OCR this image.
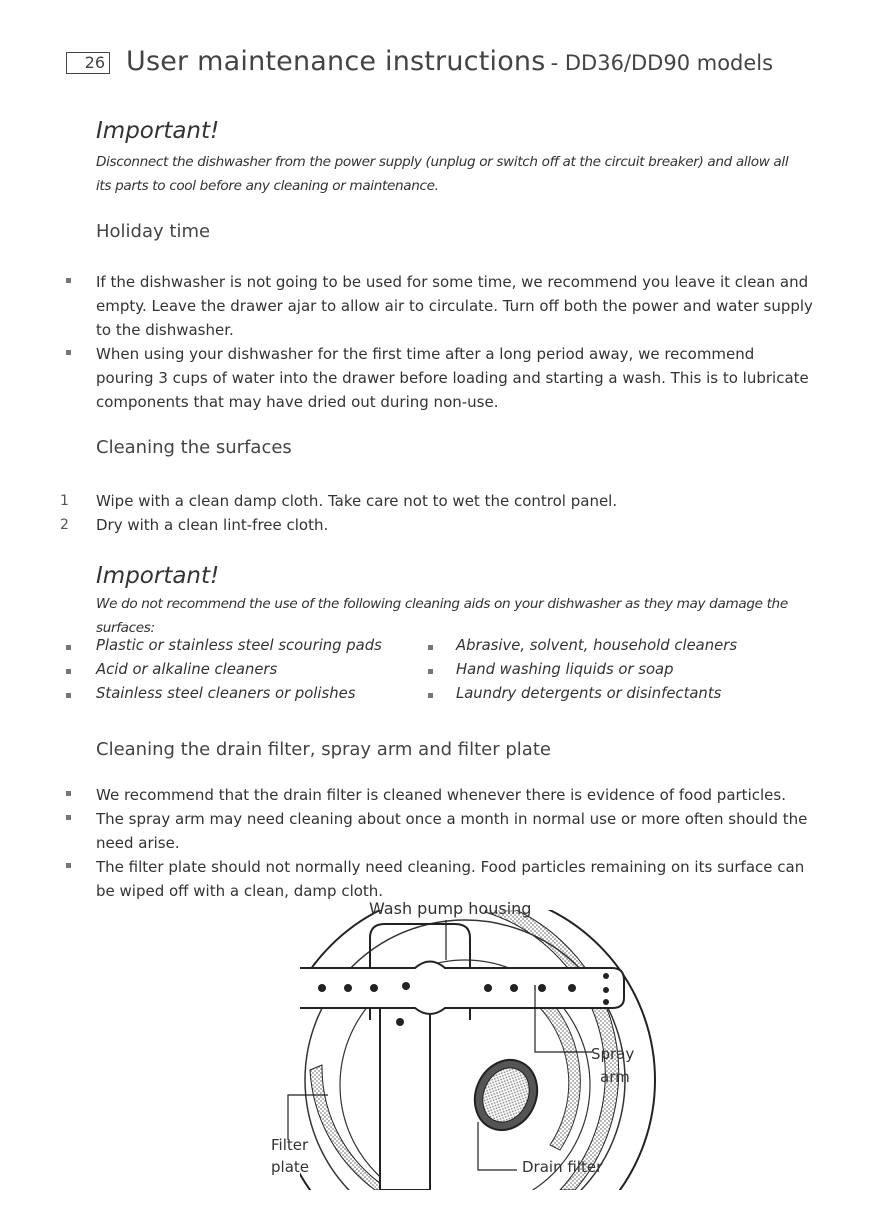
26 User maintenance instructions - DD36/DD90 models
Important!
Disconnect the dishwasher from the power supply (unplug or switch off at the circuit breaker) and allow all
its parts to cool before any cleaning or maintenance.
Holiday time
If the dishwasher is not going to be used for some time, we recommend you leave it clean and
empty. Leave the drawer ajar to allow air to circulate. Turn off both the power and water supply
to the dishwasher.
When using your dishwasher for the first time after a long period away, we recommend
pouring 3 cups of water into the drawer before loading and starting a wash. This is to lubricate
components that may have dried out during non-use.
Cleaning the surfaces
1 Wipe with a clean damp cloth. Take care not to wet the control panel.
2 Dry with a clean lint-free cloth.
Important!
We do not recommend the use of the following cleaning aids on your dishwasher as they may damage the
surfaces:
Plastic or stainless steel scouring pads
Acid or alkaline cleaners
Stainless steel cleaners or polishes
Abrasive, solvent, household cleaners
Hand washing liquids or soap
Laundry detergents or disinfectants
Cleaning the drain filter, spray arm and filter plate
We recommend that the drain filter is cleaned whenever there is evidence of food particles.
The spray arm may need cleaning about once a month in normal use or more often should the
need arise.
The filter plate should not normally need cleaning. Food particles remaining on its surface can
be wiped off with a clean, damp cloth.
Wash pump housing
Spray
arm
Filter
plate	Drain filter
